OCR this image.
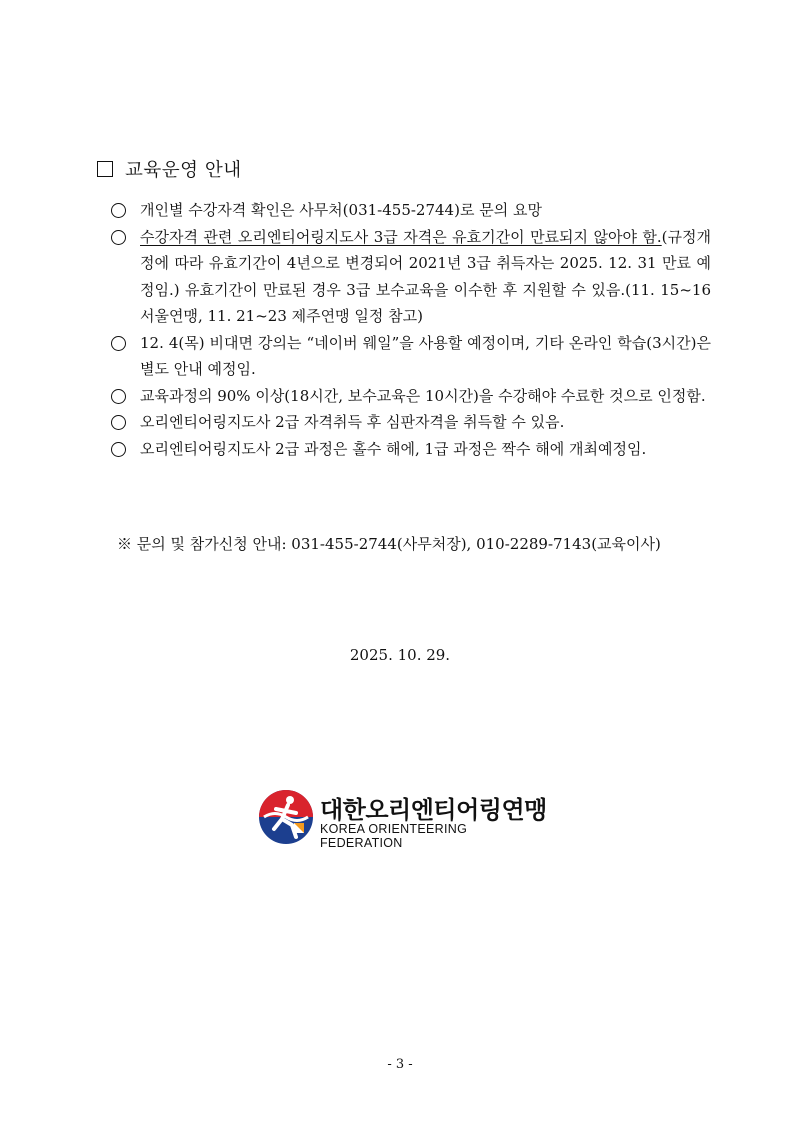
교육운영 안내
개인별 수강자격 확인은 사무처(031-455-2744)로 문의 요망
수강자격 관련 오리엔티어링지도사 3급 자격은 유효기간이 만료되지 않아야 함.(규정개정에 따라 유효기간이 4년으로 변경되어 2021년 3급 취득자는 2025. 12. 31 만료 예정임.) 유효기간이 만료된 경우 3급 보수교육을 이수한 후 지원할 수 있음.(11. 15~16 서울연맹, 11. 21~23 제주연맹 일정 참고)
12. 4(목) 비대면 강의는 “네이버 웨일”을 사용할 예정이며, 기타 온라인 학습(3시간)은 별도 안내 예정임.
교육과정의 90% 이상(18시간, 보수교육은 10시간)을 수강해야 수료한 것으로 인정함.
오리엔티어링지도사 2급 자격취득 후 심판자격을 취득할 수 있음.
오리엔티어링지도사 2급 과정은 홀수 해에, 1급 과정은 짝수 해에 개최예정임.
※ 문의 및 참가신청 안내: 031-455-2744(사무처장), 010-2289-7143(교육이사)
2025. 10. 29.
대한오리엔티어링연맹
KOREA ORIENTEERING FEDERATION
- 3 -
